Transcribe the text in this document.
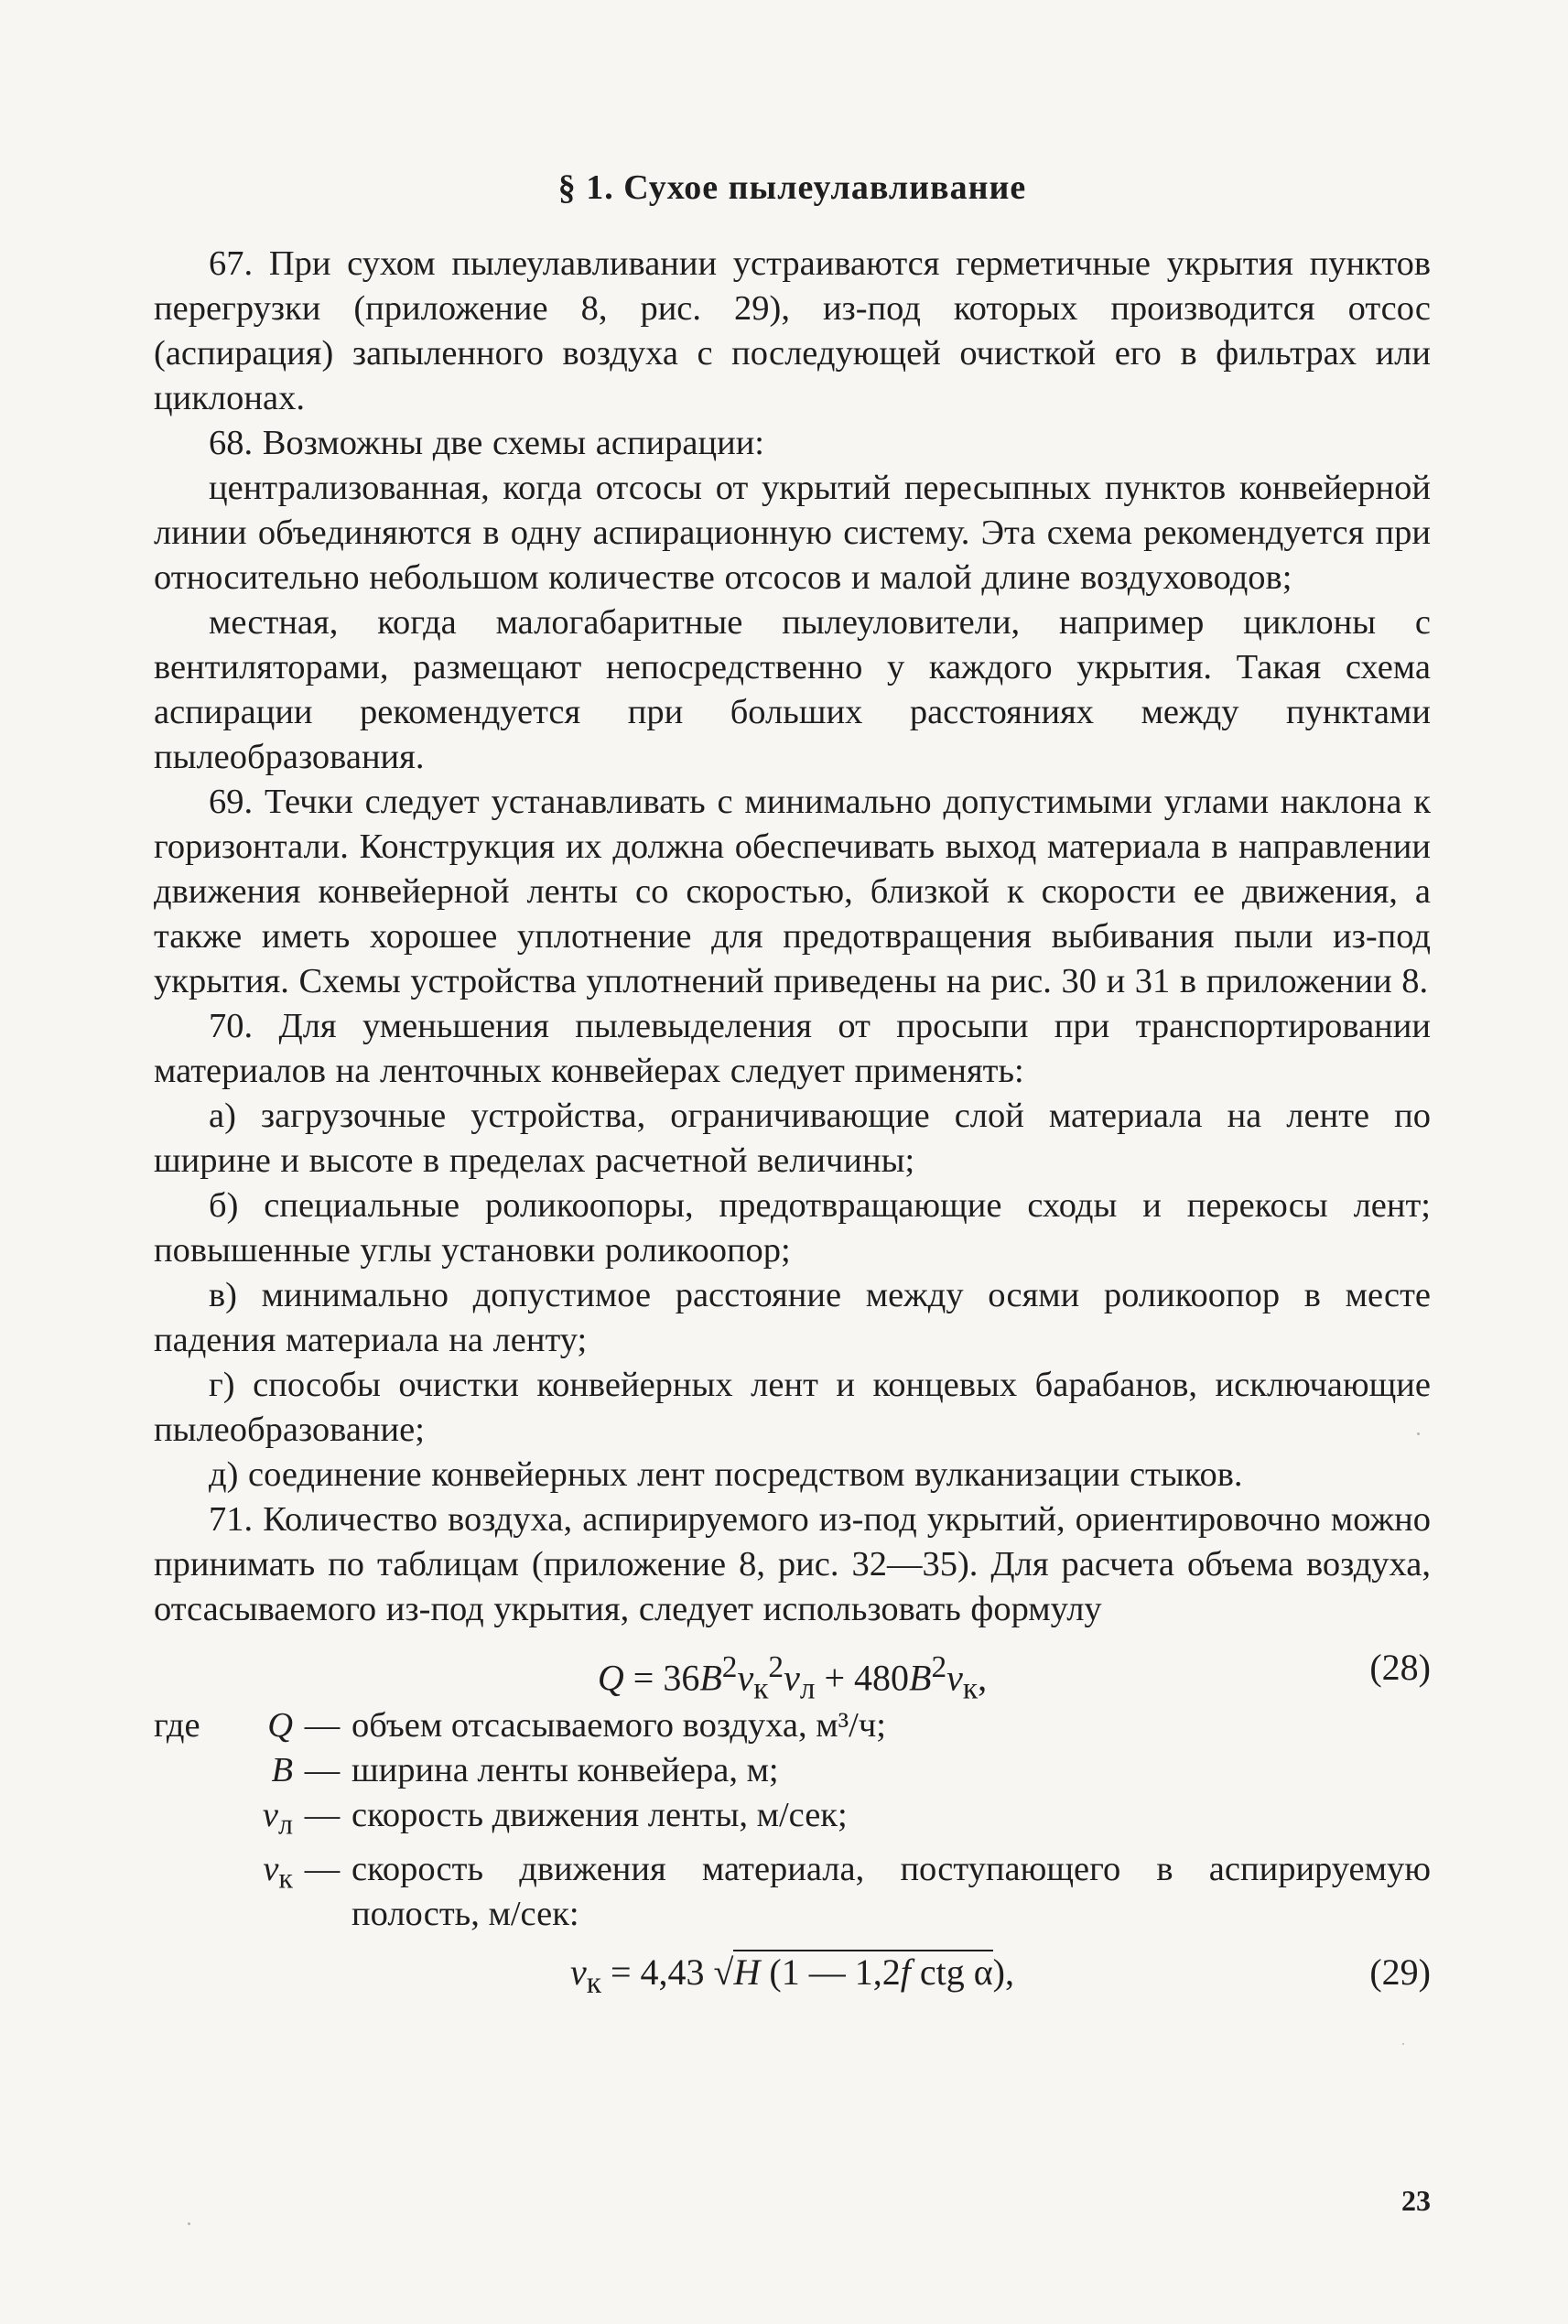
§ 1. Сухое пылеулавливание

67. При сухом пылеулавливании устраиваются герметичные укрытия пунктов перегрузки (приложение 8, рис. 29), из-под которых производится отсос (аспирация) запыленного воздуха с последующей очисткой его в фильтрах или циклонах.

68. Возможны две схемы аспирации:

централизованная, когда отсосы от укрытий пересыпных пунктов конвейерной линии объединяются в одну аспирационную систему. Эта схема рекомендуется при относительно небольшом количестве отсосов и малой длине воздуховодов;

местная, когда малогабаритные пылеуловители, например циклоны с вентиляторами, размещают непосредственно у каждого укрытия. Такая схема аспирации рекомендуется при больших расстояниях между пунктами пылеобразования.

69. Течки следует устанавливать с минимально допустимыми углами наклона к горизонтали. Конструкция их должна обеспечивать выход материала в направлении движения конвейерной ленты со скоростью, близкой к скорости ее движения, а также иметь хорошее уплотнение для предотвращения выбивания пыли из-под укрытия. Схемы устройства уплотнений приведены на рис. 30 и 31 в приложении 8.

70. Для уменьшения пылевыделения от просыпи при транспортировании материалов на ленточных конвейерах следует применять:

а) загрузочные устройства, ограничивающие слой материала на ленте по ширине и высоте в пределах расчетной величины;

б) специальные роликоопоры, предотвращающие сходы и перекосы лент; повышенные углы установки роликоопор;

в) минимально допустимое расстояние между осями роликоопор в месте падения материала на ленту;

г) способы очистки конвейерных лент и концевых барабанов, исключающие пылеобразование;

д) соединение конвейерных лент посредством вулканизации стыков.

71. Количество воздуха, аспирируемого из-под укрытий, ориентировочно можно принимать по таблицам (приложение 8, рис. 32—35). Для расчета объема воздуха, отсасываемого из-под укрытия, следует использовать формулу

$Q = 36B^2v_к^2v_л + 480B^2v_к$,	(28)
где	Q — объем отсасываемого воздуха, м³/ч;
B — ширина ленты конвейера, м;
$v_л$ — скорость движения ленты, м/сек;
$v_к$ — скорость движения материала, поступающего в аспирируемую полость, м/сек:
$v_к = 4,43$ √H (1 — 1,2f ctg α),	(29)
23
